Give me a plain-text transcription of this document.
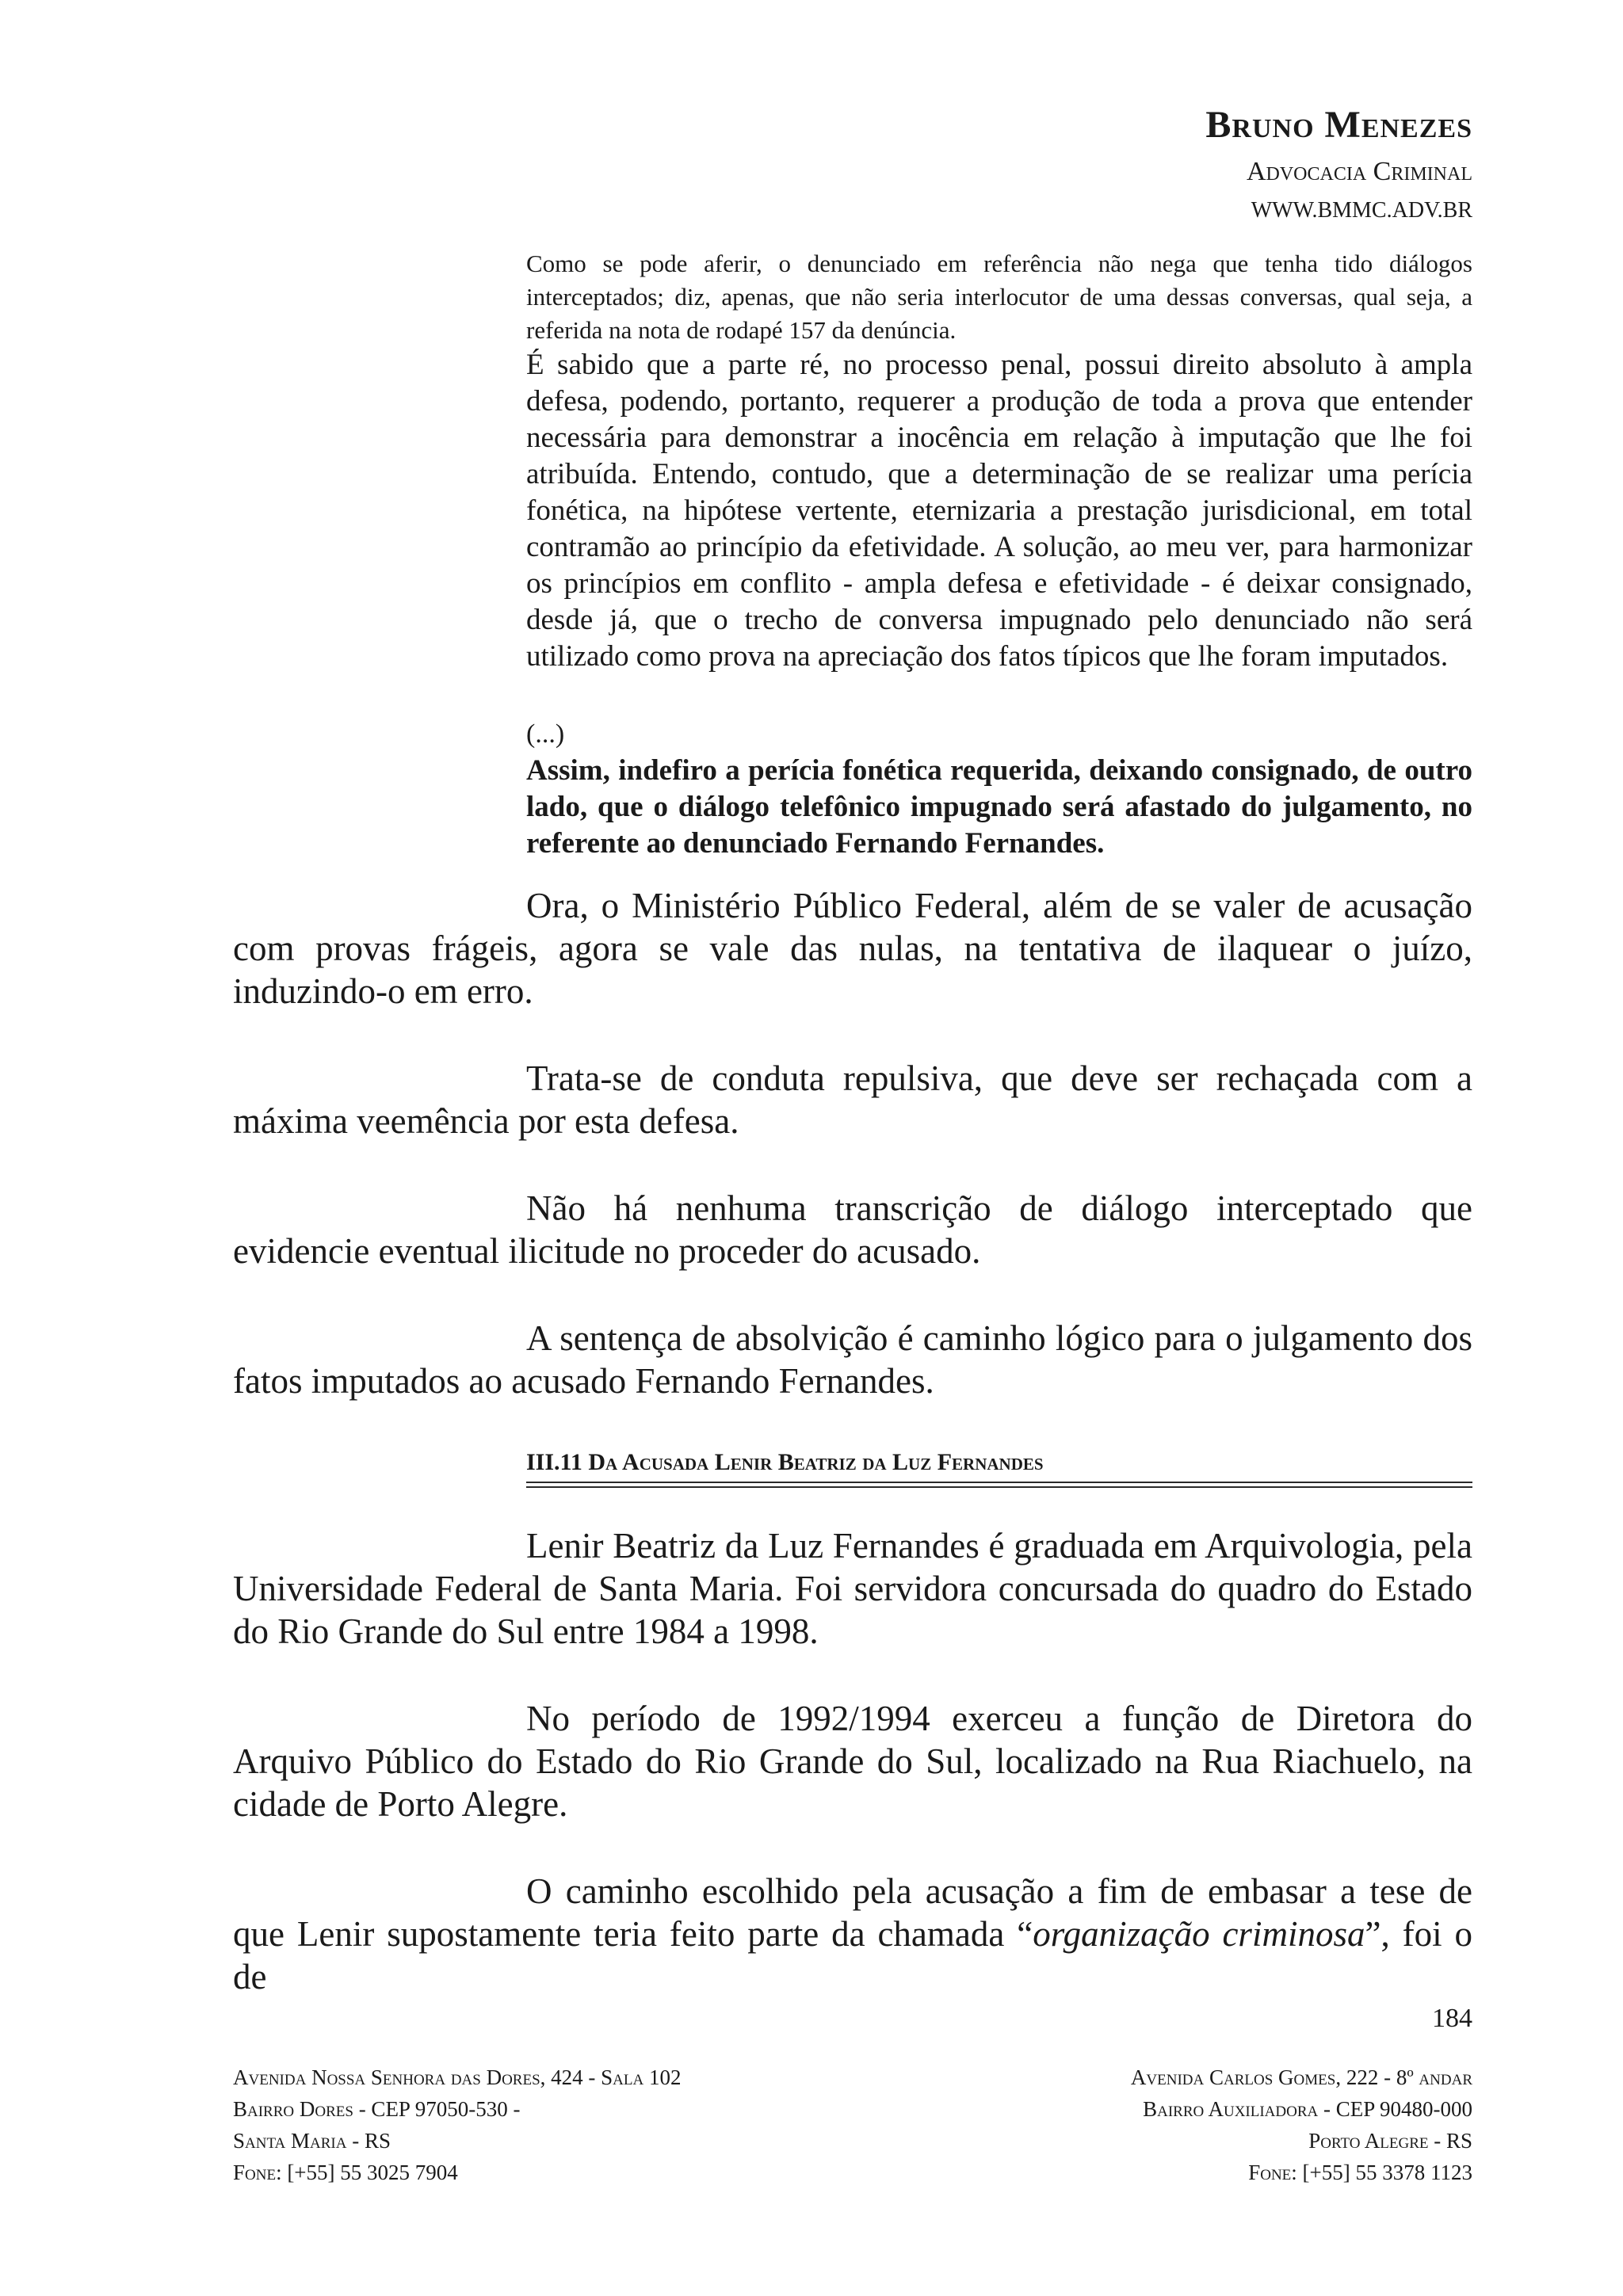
Bruno Menezes
Advocacia Criminal
WWW.BMMC.ADV.BR
Como se pode aferir, o denunciado em referência não nega que tenha tido diálogos interceptados; diz, apenas, que não seria interlocutor de uma dessas conversas, qual seja, a referida na nota de rodapé 157 da denúncia.
É sabido que a parte ré, no processo penal, possui direito absoluto à ampla defesa, podendo, portanto, requerer a produção de toda a prova que entender necessária para demonstrar a inocência em relação à imputação que lhe foi atribuída. Entendo, contudo, que a determinação de se realizar uma perícia fonética, na hipótese vertente, eternizaria a prestação jurisdicional, em total contramão ao princípio da efetividade. A solução, ao meu ver, para harmonizar os princípios em conflito - ampla defesa e efetividade - é deixar consignado, desde já, que o trecho de conversa impugnado pelo denunciado não será utilizado como prova na apreciação dos fatos típicos que lhe foram imputados.
(...)
Assim, indefiro a perícia fonética requerida, deixando consignado, de outro lado, que o diálogo telefônico impugnado será afastado do julgamento, no referente ao denunciado Fernando Fernandes.

Ora, o Ministério Público Federal, além de se valer de acusação com provas frágeis, agora se vale das nulas, na tentativa de ilaquear o juízo, induzindo-o em erro.

Trata-se de conduta repulsiva, que deve ser rechaçada com a máxima veemência por esta defesa.

Não há nenhuma transcrição de diálogo interceptado que evidencie eventual ilicitude no proceder do acusado.

A sentença de absolvição é caminho lógico para o julgamento dos fatos imputados ao acusado Fernando Fernandes.

III.11 Da Acusada Lenir Beatriz da Luz Fernandes

Lenir Beatriz da Luz Fernandes é graduada em Arquivologia, pela Universidade Federal de Santa Maria. Foi servidora concursada do quadro do Estado do Rio Grande do Sul entre 1984 a 1998.

No período de 1992/1994 exerceu a função de Diretora do Arquivo Público do Estado do Rio Grande do Sul, localizado na Rua Riachuelo, na cidade de Porto Alegre.

O caminho escolhido pela acusação a fim de embasar a tese de que Lenir supostamente teria feito parte da chamada “organização criminosa”, foi o de

184
Avenida Nossa Senhora das Dores, 424 - Sala 102
Bairro Dores - CEP 97050-530 -
Santa Maria - RS
Fone: [+55] 55 3025 7904
Avenida Carlos Gomes, 222 - 8º andar
Bairro Auxiliadora - CEP 90480-000
Porto Alegre - RS
Fone: [+55] 55 3378 1123
